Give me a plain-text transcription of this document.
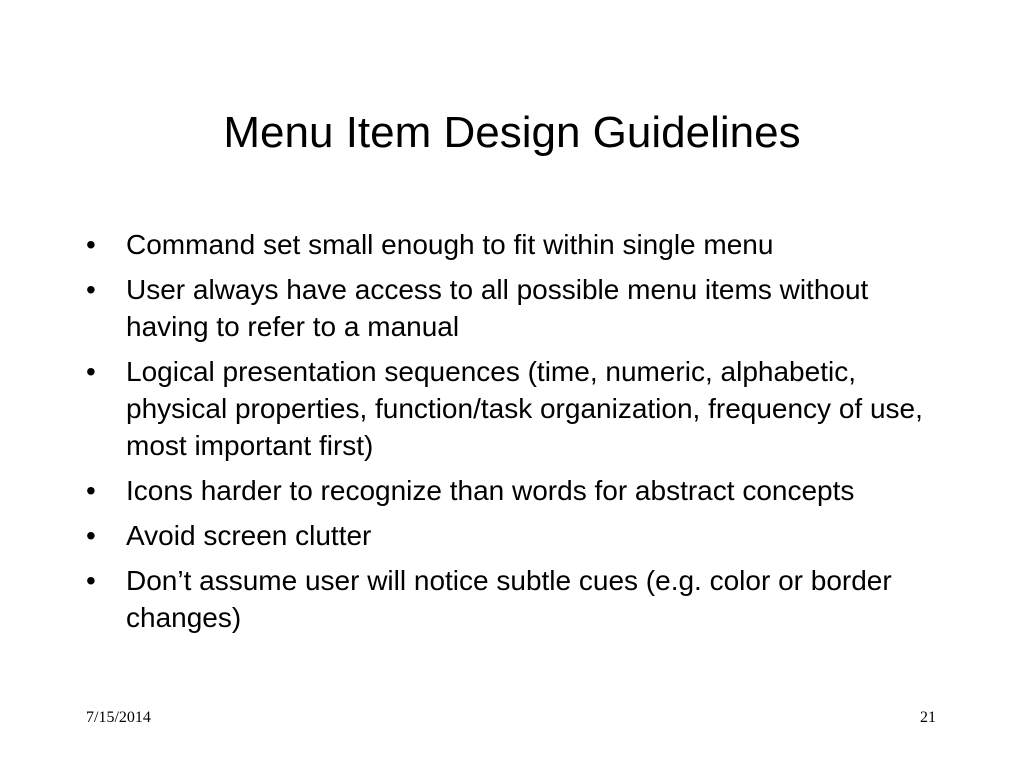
Menu Item Design Guidelines
•	Command set small enough to fit within single menu
•	User always have access to all possible menu items without having to refer to a manual
•	Logical presentation sequences (time, numeric, alphabetic, physical properties, function/task organization, frequency of use, most important first)
•	Icons harder to recognize than words for abstract concepts
•	Avoid screen clutter
•	Don’t assume user will notice subtle cues (e.g. color or border changes)
7/15/2014	21
